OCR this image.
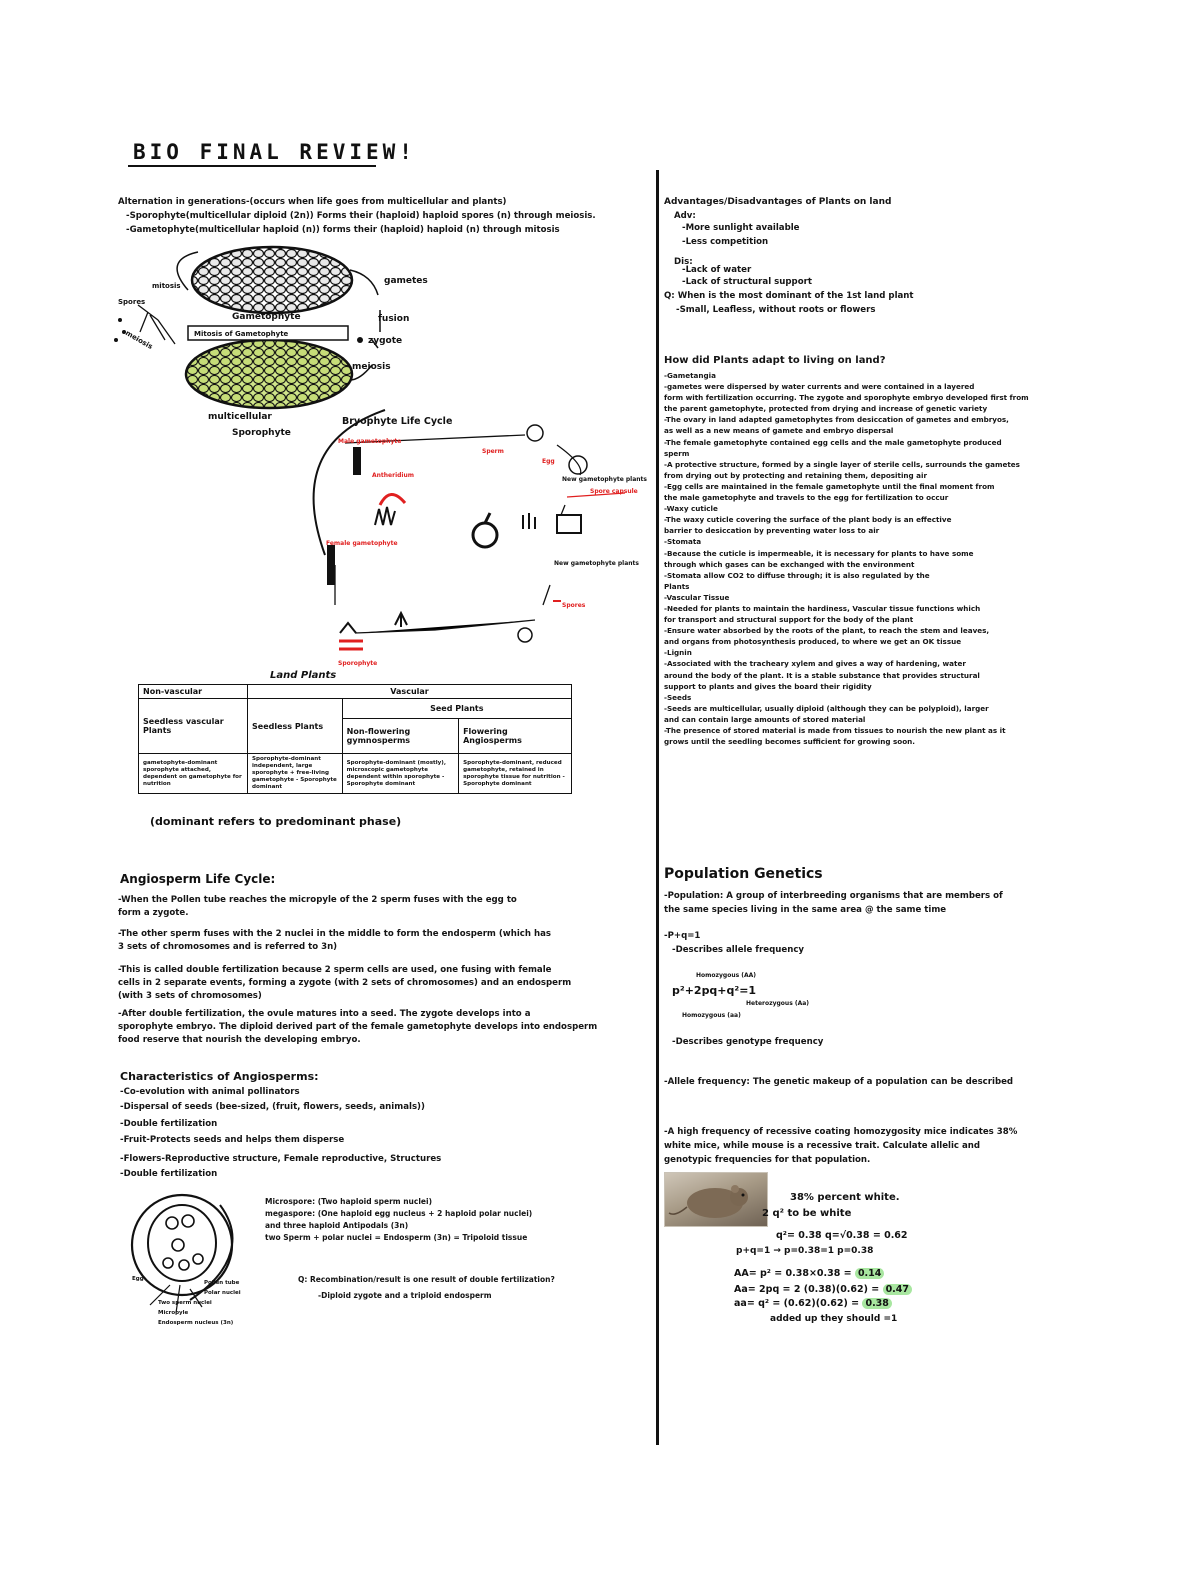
BIO FINAL REVIEW!
Alternation in generations-(occurs when life goes from multicellular and plants)
-Sporophyte(multicellular diploid (2n)) Forms their (haploid) haploid spores (n) through meiosis.
-Gametophyte(multicellular haploid (n)) forms their (haploid) haploid (n) through mitosis
Gametophyte
Mitosis of Gametophyte
Spores
mitosis
meiosis
gametes
fusion
zygote
meiosis
multicellular
Sporophyte
Bryophyte Life Cycle
Male gametophyte
Antheridium
Sperm
Egg
New gametophyte plants
Spore capsule
Female gametophyte
New gametophyte plants
Spores
Sporophyte
Land Plants
Non-vascular	Vascular		
Seedless vascular Plants	Seedless Plants	Seed Plants	
		Non-flowering gymnosperms	Flowering Angiosperms
gametophyte-dominant sporophyte attached, dependent on gametophyte for nutrition	Sporophyte-dominant independent, large sporophyte + free-living gametophyte - Sporophyte dominant	Sporophyte-dominant (mostly), microscopic gametophyte dependent within sporophyte - Sporophyte dominant	Sporophyte-dominant, reduced gametophyte, retained in sporophyte tissue for nutrition - Sporophyte dominant
(dominant refers to predominant phase)
Angiosperm Life Cycle:
-When the Pollen tube reaches the micropyle of the 2 sperm fuses with the egg to
form a zygote.
-The other sperm fuses with the 2 nuclei in the middle to form the endosperm (which has
3 sets of chromosomes and is referred to 3n)
-This is called double fertilization because 2 sperm cells are used, one fusing with female
cells in 2 separate events, forming a zygote (with 2 sets of chromosomes) and an endosperm
(with 3 sets of chromosomes)
-After double fertilization, the ovule matures into a seed. The zygote develops into a
sporophyte embryo. The diploid derived part of the female gametophyte develops into endosperm
food reserve that nourish the developing embryo.
Characteristics of Angiosperms:
-Co-evolution with animal pollinators
-Dispersal of seeds (bee-sized, (fruit, flowers, seeds, animals))
-Double fertilization
-Fruit-Protects seeds and helps them disperse
-Flowers-Reproductive structure, Female reproductive, Structures
-Double fertilization
Pollen tube
Polar nuclei
Egg
Two sperm nuclei
Micropyle
Endosperm nucleus (3n)
Microspore: (Two haploid sperm nuclei)
megaspore: (One haploid egg nucleus + 2 haploid polar nuclei)
and three haploid Antipodals (3n)
two Sperm + polar nuclei = Endosperm (3n) = Tripoloid tissue
Q: Recombination/result is one result of double fertilization?
-Diploid zygote and a triploid endosperm
Advantages/Disadvantages of Plants on land
Adv:
-More sunlight available
-Less competition
Dis:
-Lack of water
-Lack of structural support
Q: When is the most dominant of the 1st land plant
-Small, Leafless, without roots or flowers
How did Plants adapt to living on land?
-Gametangia
-gametes were dispersed by water currents and were contained in a layered
form with fertilization occurring. The zygote and sporophyte embryo developed first from
the parent gametophyte, protected from drying and increase of genetic variety
-The ovary in land adapted gametophytes from desiccation of gametes and embryos,
as well as a new means of gamete and embryo dispersal
-The female gametophyte contained egg cells and the male gametophyte produced
sperm
-A protective structure, formed by a single layer of sterile cells, surrounds the gametes
from drying out by protecting and retaining them, depositing air
-Egg cells are maintained in the female gametophyte until the final moment from
the male gametophyte and travels to the egg for fertilization to occur
-Waxy cuticle
-The waxy cuticle covering the surface of the plant body is an effective
barrier to desiccation by preventing water loss to air
-Stomata
-Because the cuticle is impermeable, it is necessary for plants to have some
through which gases can be exchanged with the environment
-Stomata allow CO2 to diffuse through; it is also regulated by the
Plants
-Vascular Tissue
-Needed for plants to maintain the hardiness, Vascular tissue functions which
for transport and structural support for the body of the plant
-Ensure water absorbed by the roots of the plant, to reach the stem and leaves,
and organs from photosynthesis produced, to where we get an OK tissue
-Lignin
-Associated with the tracheary xylem and gives a way of hardening, water
around the body of the plant. It is a stable substance that provides structural
support to plants and gives the board their rigidity
-Seeds
-Seeds are multicellular, usually diploid (although they can be polyploid), larger
and can contain large amounts of stored material
-The presence of stored material is made from tissues to nourish the new plant as it
grows until the seedling becomes sufficient for growing soon.
Population Genetics
-Population: A group of interbreeding organisms that are members of
the same species living in the same area @ the same time
-P+q=1
-Describes allele frequency
Homozygous (AA)
p²+2pq+q²=1
Heterozygous (Aa)
Homozygous (aa)
-Describes genotype frequency
-Allele frequency: The genetic makeup of a population can be described
-A high frequency of recessive coating homozygosity mice indicates 38%
white mice, while mouse is a recessive trait. Calculate allelic and
genotypic frequencies for that population.
38% percent white.
2 q² to be white
q²= 0.38 q=√0.38 = 0.62
p+q=1 → p=0.38=1 p=0.38
AA= p² = 0.38×0.38 = 0.14
Aa= 2pq = 2 (0.38)(0.62) = 0.47
aa= q² = (0.62)(0.62) = 0.38
added up they should =1
